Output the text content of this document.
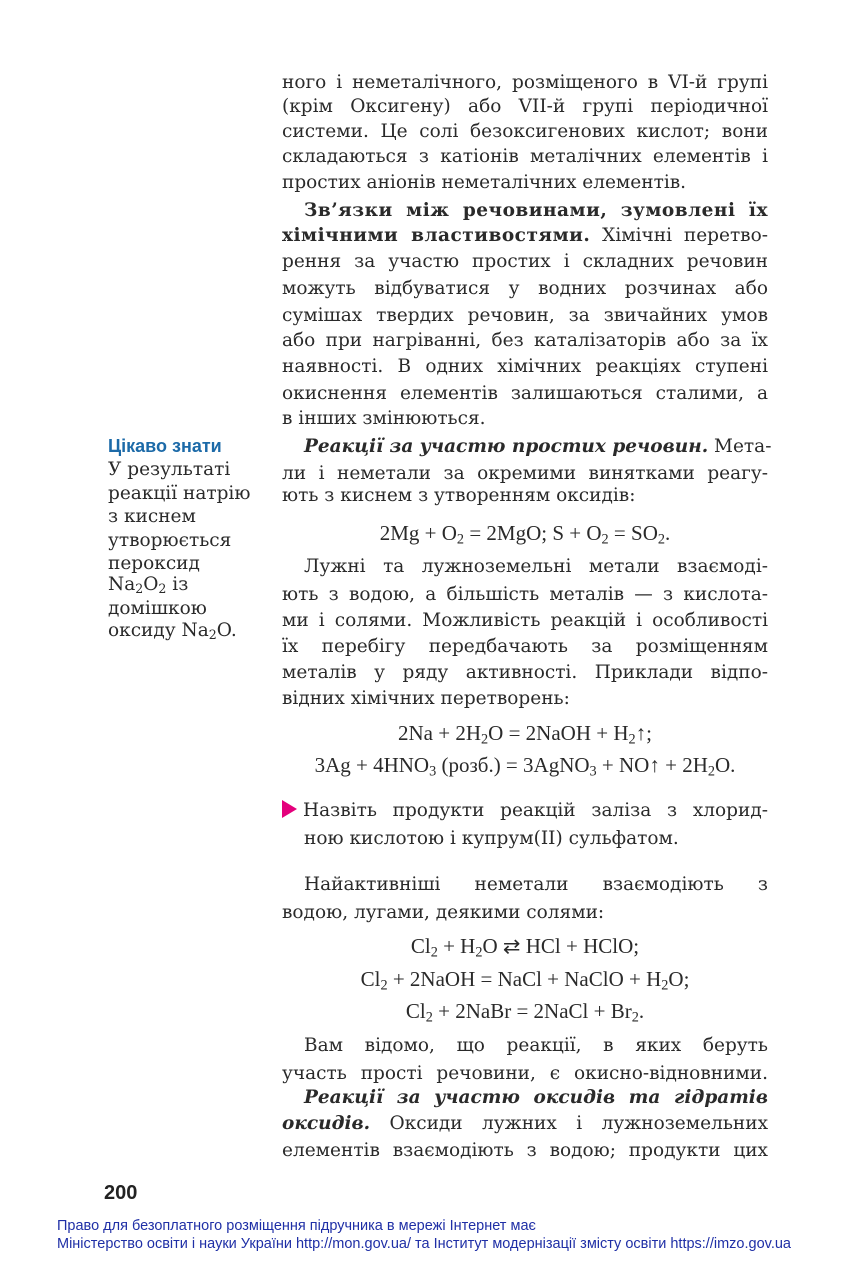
ного і неметалічного, розміщеного в VI-й групі
(крім Оксигену) або VII-й групі періодичної
системи. Це солі безоксигенових кислот; вони
складаються з катіонів металічних елементів і
простих аніонів неметалічних елементів.
Зв’язки між речовинами, зумовлені їх
хімічними властивостями. Хімічні перетво-
рення за участю простих і складних речовин
можуть відбуватися у водних розчинах або
сумішах твердих речовин, за звичайних умов
або при нагріванні, без каталізаторів або за їх
наявності. В одних хімічних реакціях ступені
окиснення елементів залишаються сталими, а
в інших змінюються.
Реакції за участю простих речовин. Мета-
ли і неметали за окремими винятками реагу-
ють з киснем з утворенням оксидів:
$2Mg + O_2 = 2MgO$; $S + O_2 = SO_2$.
Лужні та лужноземельні метали взаємоді-
ють з водою, а більшість металів — з кислота-
ми і солями. Можливість реакцій і особливості
їх перебігу передбачають за розміщенням
металів у ряду активності. Приклади відпо-
відних хімічних перетворень:
$2Na + 2H_2O$ = 2NaOH + $H_2↑$;
$3Ag + 4HNO_3$ (розб.) = 3AgNO$_3$ + NO↑ + $2H_2O$.
Назвіть продукти реакцій заліза з хлорид-
ною кислотою і купрум(ІІ) сульфатом.
Найактивніші неметали взаємодіють з
водою, лугами, деякими солями:
$Cl_2 + H_2O$ ⇄ HCl + HClO;
$Cl_2$ + 2NaOH = NaCl + NaClO + $H_2O$;
$Cl_2$ + 2NaBr = 2NaCl + $Br_2$.
Вам відомо, що реакції, в яких беруть
участь прості речовини, є окисно-відновними.
Реакції за участю оксидів та гідратів
оксидів. Оксиди лужних і лужноземельних
елементів взаємодіють з водою; продукти цих
Цікаво знати
У результаті
реакції натрію
з киснем
утворюється
пероксид
$Na_2O_2$ із
домішкою
оксиду $Na_2O$.
200
Право для безоплатного розміщення підручника в мережі Інтернет має
Міністерство освіти і науки України http://mon.gov.ua/ та Інститут модернізації змісту освіти https://imzo.gov.ua
